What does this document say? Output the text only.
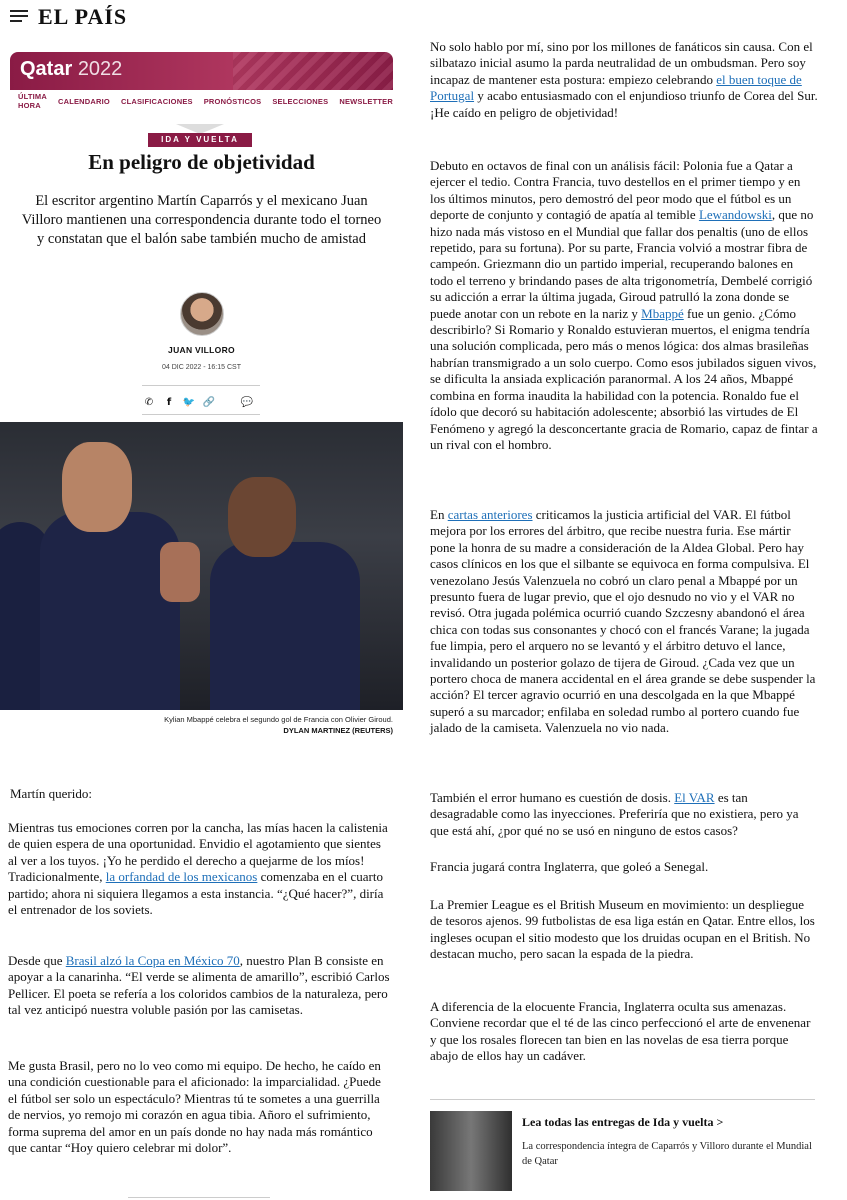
EL PAÍS
Qatar 2022
ÚLTIMA HORA	CALENDARIO CLASIFICACIONES PRONÓSTICOS SELECCIONES NEWSLETTER
IDA Y VUELTA
En peligro de objetividad
El escritor argentino Martín Caparrós y el mexicano Juan Villoro mantienen una correspondencia durante todo el torneo y constatan que el balón sabe también mucho de amistad
JUAN VILLORO
04 DIC 2022 - 16:15 CST
✆	f	🐦 🔗	💬
Kylian Mbappé celebra el segundo gol de Francia con Olivier Giroud.
DYLAN MARTINEZ (REUTERS)
Martín querido:
Mientras tus emociones corren por la cancha, las mías hacen la calistenia de quien espera de una oportunidad. Envidio el agotamiento que sientes al ver a los tuyos. ¡Yo he perdido el derecho a quejarme de los míos! Tradicionalmente, la orfandad de los mexicanos comenzaba en el cuarto partido; ahora ni siquiera llegamos a esta instancia. “¿Qué hacer?”, diría el entrenador de los soviets.
Desde que Brasil alzó la Copa en México 70, nuestro Plan B consiste en apoyar a la canarinha. “El verde se alimenta de amarillo”, escribió Carlos Pellicer. El poeta se refería a los coloridos cambios de la naturaleza, pero tal vez anticipó nuestra voluble pasión por las camisetas.
Me gusta Brasil, pero no lo veo como mi equipo. De hecho, he caído en una condición cuestionable para el aficionado: la imparcialidad. ¿Puede el fútbol ser solo un espectáculo? Mientras tú te sometes a una guerrilla de nervios, yo remojo mi corazón en agua tibia. Añoro el sufrimiento, forma suprema del amor en un país donde no hay nada más romántico que cantar “Hoy quiero celebrar mi dolor”.
No solo hablo por mí, sino por los millones de fanáticos sin causa. Con el silbatazo inicial asumo la parda neutralidad de un ombudsman. Pero soy incapaz de mantener esta postura: empiezo celebrando el buen toque de Portugal y acabo entusiasmado con el enjundioso triunfo de Corea del Sur. ¡He caído en peligro de objetividad!
Debuto en octavos de final con un análisis fácil: Polonia fue a Qatar a ejercer el tedio. Contra Francia, tuvo destellos en el primer tiempo y en los últimos minutos, pero demostró del peor modo que el fútbol es un deporte de conjunto y contagió de apatía al temible Lewandowski, que no hizo nada más vistoso en el Mundial que fallar dos penaltis (uno de ellos repetido, para su fortuna). Por su parte, Francia volvió a mostrar fibra de campeón. Griezmann dio un partido imperial, recuperando balones en todo el terreno y brindando pases de alta trigonometría, Dembelé corrigió su adicción a errar la última jugada, Giroud patrulló la zona donde se puede anotar con un rebote en la nariz y Mbappé fue un genio. ¿Cómo describirlo? Si Romario y Ronaldo estuvieran muertos, el enigma tendría una solución complicada, pero más o menos lógica: dos almas brasileñas habrían transmigrado a un solo cuerpo. Como esos jubilados siguen vivos, se dificulta la ansiada explicación paranormal. A los 24 años, Mbappé combina en forma inaudita la habilidad con la potencia. Ronaldo fue el ídolo que decoró su habitación adolescente; absorbió las virtudes de El Fenómeno y agregó la desconcertante gracia de Romario, capaz de fintar a un rival con el hombro.
En cartas anteriores criticamos la justicia artificial del VAR. El fútbol mejora por los errores del árbitro, que recibe nuestra furia. Ese mártir pone la honra de su madre a consideración de la Aldea Global. Pero hay casos clínicos en los que el silbante se equivoca en forma compulsiva. El venezolano Jesús Valenzuela no cobró un claro penal a Mbappé por un presunto fuera de lugar previo, que el ojo desnudo no vio y el VAR no revisó. Otra jugada polémica ocurrió cuando Szczesny abandonó el área chica con todas sus consonantes y chocó con el francés Varane; la jugada fue limpia, pero el arquero no se levantó y el árbitro detuvo el lance, invalidando un posterior golazo de tijera de Giroud. ¿Cada vez que un portero choca de manera accidental en el área grande se debe suspender la acción? El tercer agravio ocurrió en una descolgada en la que Mbappé superó a su marcador; enfilaba en soledad rumbo al portero cuando fue jalado de la camiseta. Valenzuela no vio nada.
También el error humano es cuestión de dosis. El VAR es tan desagradable como las inyecciones. Preferiría que no existiera, pero ya que está ahí, ¿por qué no se usó en ninguno de estos casos?
Francia jugará contra Inglaterra, que goleó a Senegal.
La Premier League es el British Museum en movimiento: un despliegue de tesoros ajenos. 99 futbolistas de esa liga están en Qatar. Entre ellos, los ingleses ocupan el sitio modesto que los druidas ocupan en el British. No destacan mucho, pero sacan la espada de la piedra.
A diferencia de la elocuente Francia, Inglaterra oculta sus amenazas. Conviene recordar que el té de las cinco perfeccionó el arte de envenenar y que los rosales florecen tan bien en las novelas de esa tierra porque abajo de ellos hay un cadáver.
Lea todas las entregas de Ida y vuelta >
La correspondencia íntegra de Caparrós y Villoro durante el Mundial de Qatar
